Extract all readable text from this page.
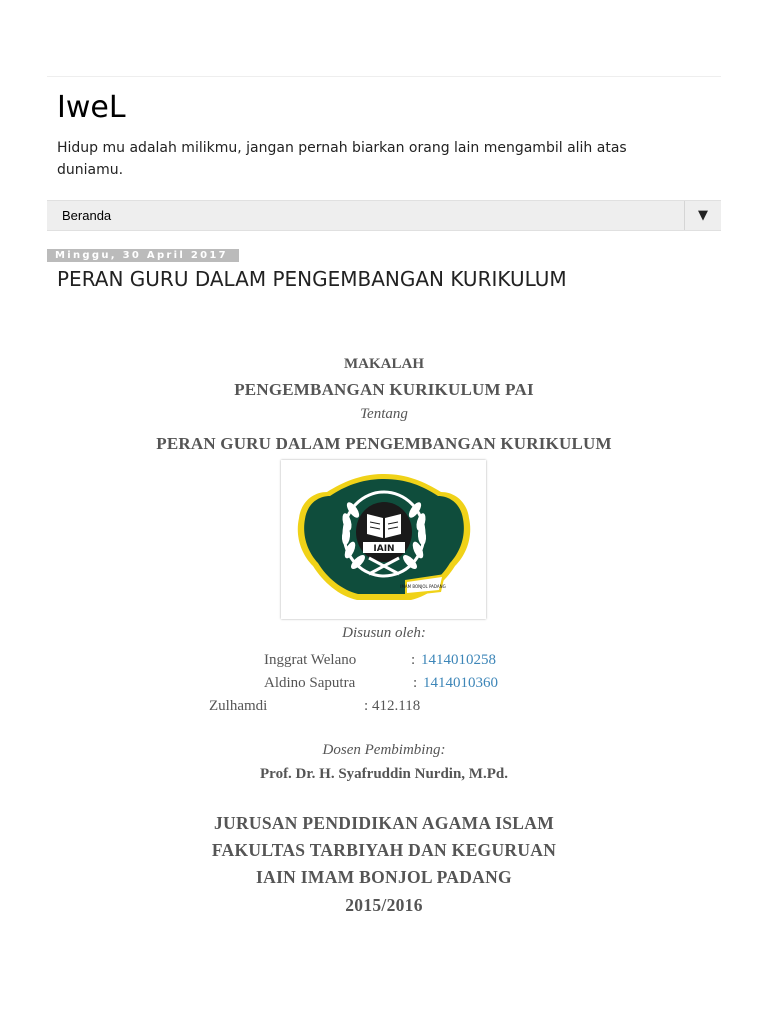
IweL

Hidup mu adalah milikmu, jangan pernah biarkan orang lain mengambil alih atas duniamu.

Beranda	▼
Minggu, 30 April 2017
PERAN GURU DALAM PENGEMBANGAN KURIKULUM

MAKALAH

PENGEMBANGAN KURIKULUM PAI

Tentang

PERAN GURU DALAM PENGEMBANGAN KURIKULUM

IAIN
IMAM BONJOL PADANG

Disusun oleh:

Inggrat Welano	: 1414010258

Aldino Saputra	: 1414010360

Zulhamdi	: 412.118

Dosen Pembimbing:

Prof. Dr. H. Syafruddin Nurdin, M.Pd.

JURUSAN PENDIDIKAN AGAMA ISLAM

FAKULTAS TARBIYAH DAN KEGURUAN

IAIN IMAM BONJOL PADANG

2015/2016
